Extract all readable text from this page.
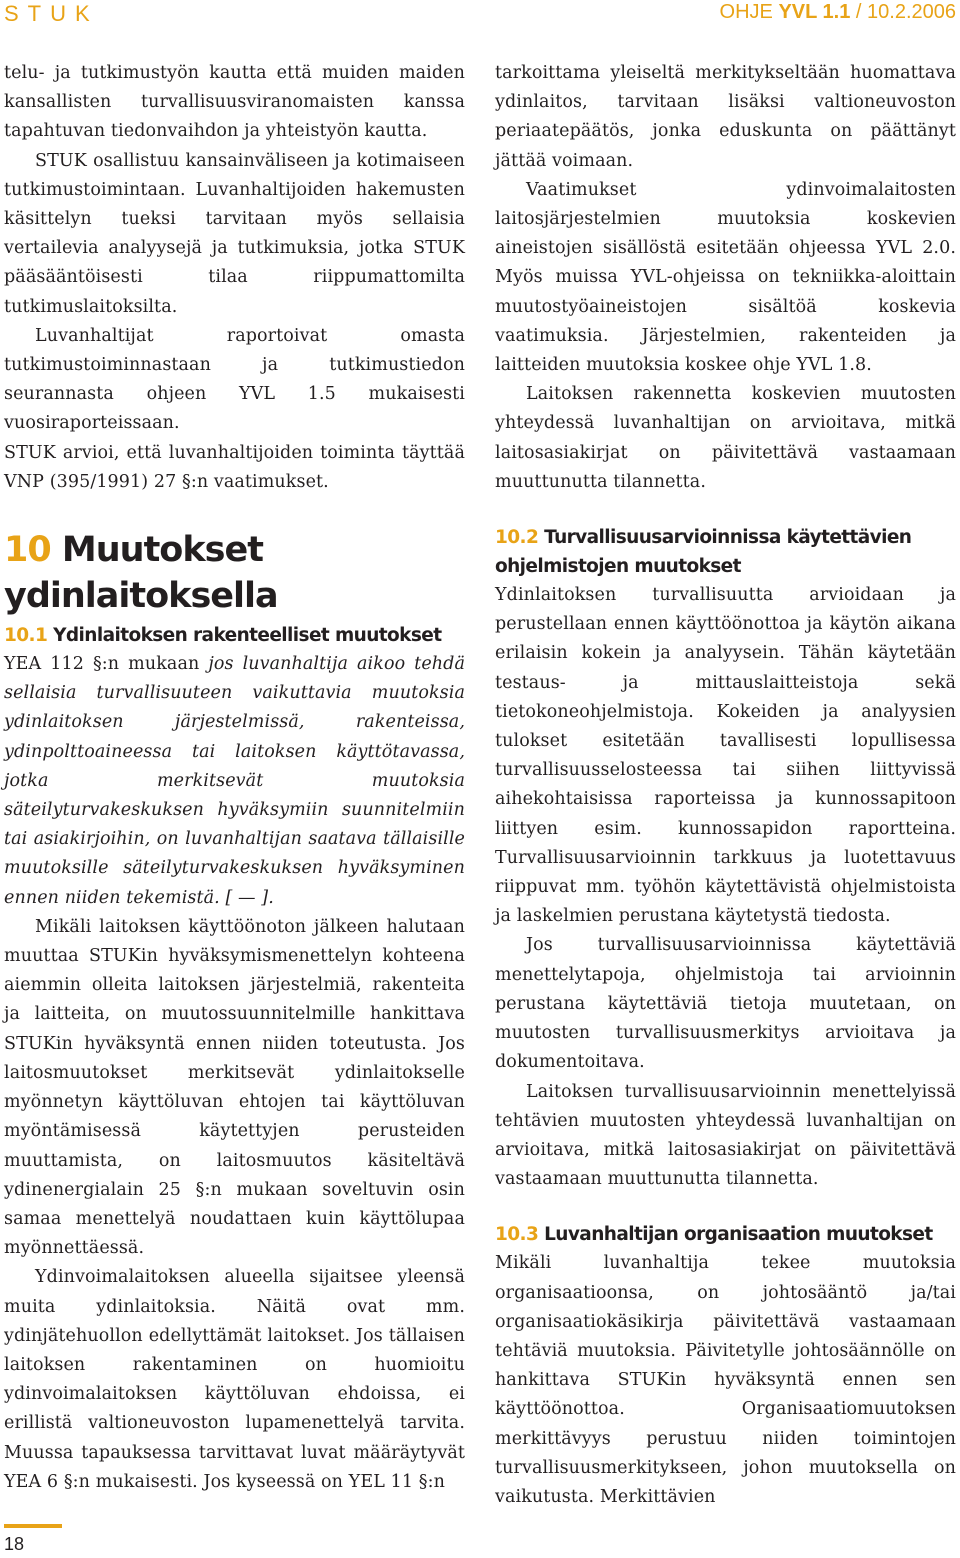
STUK	OHJE YVL 1.1 / 10.2.2006

telu- ja tutkimustyön kautta että muiden maiden kansallisten turvallisuusviranomaisten kanssa tapahtuvan tiedonvaihdon ja yhteistyön kautta.

STUK osallistuu kansainväliseen ja kotimaiseen tutkimustoimintaan. Luvanhaltijoiden hakemusten käsittelyn tueksi tarvitaan myös sellaisia vertailevia analyysejä ja tutkimuksia, jotka STUK pääsääntöisesti tilaa riippumattomilta tutkimuslaitoksilta.

Luvanhaltijat raportoivat omasta tutkimustoiminnastaan ja tutkimustiedon seurannasta ohjeen YVL 1.5 mukaisesti vuosiraporteissaan.

STUK arvioi, että luvanhaltijoiden toiminta täyttää VNP (395/1991) 27 §:n vaatimukset.

10 Muutokset ydinlaitoksella
10.1 Ydinlaitoksen rakenteelliset muutokset

YEA 112 §:n mukaan jos luvanhaltija aikoo tehdä sellaisia turvallisuuteen vaikuttavia muutoksia ydinlaitoksen järjestelmissä, rakenteissa, ydinpolttoaineessa tai laitoksen käyttötavassa, jotka merkitsevät muutoksia säteilyturvakeskuksen hyväksymiin suunnitelmiin tai asiakirjoihin, on luvanhaltijan saatava tällaisille muutoksille säteilyturvakeskuksen hyväksyminen ennen niiden tekemistä. [ — ].

Mikäli laitoksen käyttöönoton jälkeen halutaan muuttaa STUKin hyväksymismenettelyn kohteena aiemmin olleita laitoksen järjestelmiä, rakenteita ja laitteita, on muutossuunnitelmille hankittava STUKin hyväksyntä ennen niiden toteutusta. Jos laitosmuutokset merkitsevät ydinlaitokselle myönnetyn käyttöluvan ehtojen tai käyttöluvan myöntämisessä käytettyjen perusteiden muuttamista, on laitosmuutos käsiteltävä ydinenergialain 25 §:n mukaan soveltuvin osin samaa menettelyä noudattaen kuin käyttölupaa myönnettäessä.

Ydinvoimalaitoksen alueella sijaitsee yleensä muita ydinlaitoksia. Näitä ovat mm. ydinjätehuollon edellyttämät laitokset. Jos tällaisen laitoksen rakentaminen on huomioitu ydinvoimalaitoksen käyttöluvan ehdoissa, ei erillistä valtioneuvoston lupamenettelyä tarvita. Muussa tapauksessa tarvittavat luvat määräytyvät YEA 6 §:n mukaisesti. Jos kyseessä on YEL 11 §:n

tarkoittama yleiseltä merkitykseltään huomattava ydinlaitos, tarvitaan lisäksi valtioneuvoston periaatepäätös, jonka eduskunta on päättänyt jättää voimaan.

Vaatimukset ydinvoimalaitosten laitosjärjestelmien muutoksia koskevien aineistojen sisällöstä esitetään ohjeessa YVL 2.0. Myös muissa YVL-ohjeissa on tekniikka-aloittain muutostyöaineistojen sisältöä koskevia vaatimuksia. Järjestelmien, rakenteiden ja laitteiden muutoksia koskee ohje YVL 1.8.

Laitoksen rakennetta koskevien muutosten yhteydessä luvanhaltijan on arvioitava, mitkä laitosasiakirjat on päivitettävä vastaamaan muuttunutta tilannetta.

10.2 Turvallisuusarvioinnissa käytettävien ohjelmistojen muutokset

Ydinlaitoksen turvallisuutta arvioidaan ja perustellaan ennen käyttöönottoa ja käytön aikana erilaisin kokein ja analyysein. Tähän käytetään testaus- ja mittauslaitteistoja sekä tietokoneohjelmistoja. Kokeiden ja analyysien tulokset esitetään tavallisesti lopullisessa turvallisuusselosteessa tai siihen liittyvissä aihekohtaisissa raporteissa ja kunnossapitoon liittyen esim. kunnossapidon raportteina. Turvallisuusarvioinnin tarkkuus ja luotettavuus riippuvat mm. työhön käytettävistä ohjelmistoista ja laskelmien perustana käytetystä tiedosta.

Jos turvallisuusarvioinnissa käytettäviä menettelytapoja, ohjelmistoja tai arvioinnin perustana käytettäviä tietoja muutetaan, on muutosten turvallisuusmerkitys arvioitava ja dokumentoitava.

Laitoksen turvallisuusarvioinnin menettelyissä tehtävien muutosten yhteydessä luvanhaltijan on arvioitava, mitkä laitosasiakirjat on päivitettävä vastaamaan muuttunutta tilannetta.

10.3 Luvanhaltijan organisaation muutokset

Mikäli luvanhaltija tekee muutoksia organisaatioonsa, on johtosääntö ja/tai organisaatiokäsikirja päivitettävä vastaamaan tehtäviä muutoksia. Päivitetylle johtosäännölle on hankittava STUKin hyväksyntä ennen sen käyttöönottoa. Organisaatiomuutoksen merkittävyys perustuu niiden toimintojen turvallisuusmerkitykseen, johon muutoksella on vaikutusta. Merkittävien

18
